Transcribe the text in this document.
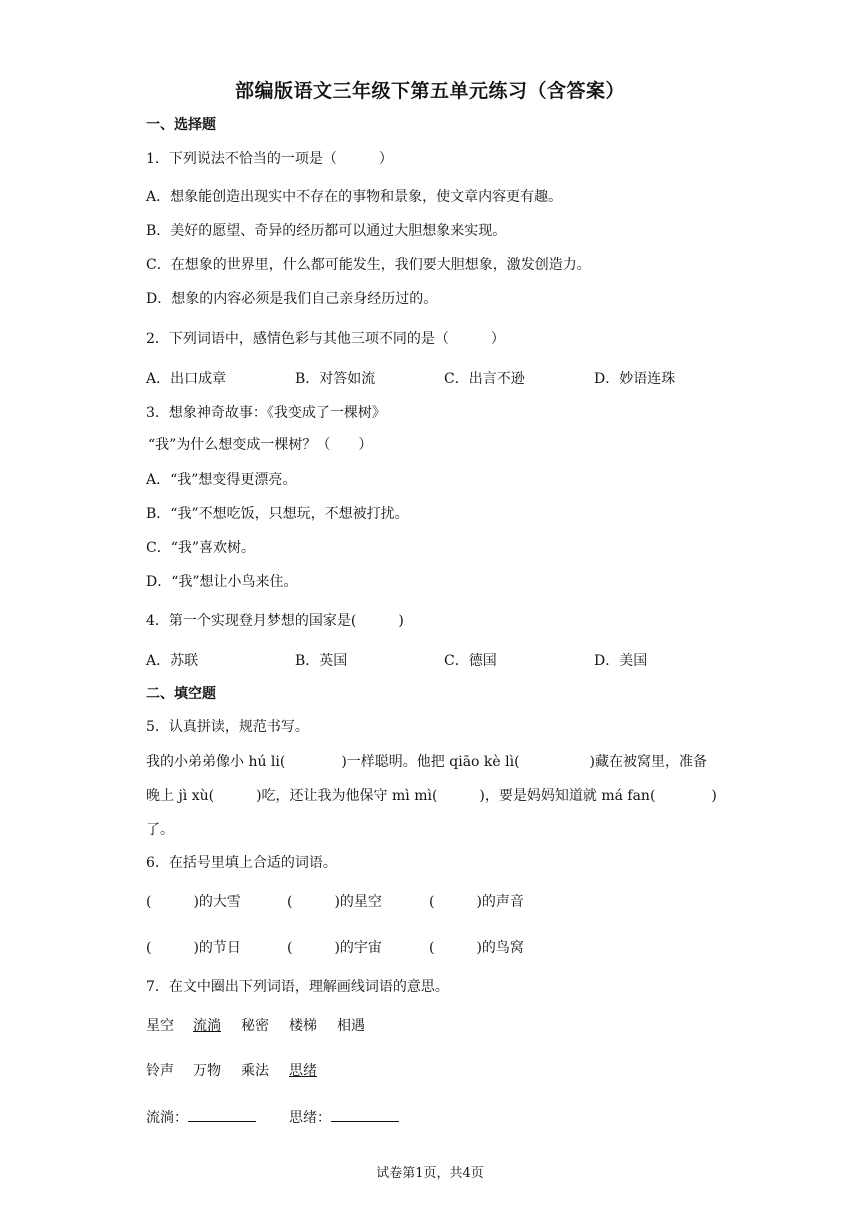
部编版语文三年级下第五单元练习（含答案）
一、选择题
1．下列说法不恰当的一项是（　　　）
A．想象能创造出现实中不存在的事物和景象，使文章内容更有趣。
B．美好的愿望、奇异的经历都可以通过大胆想象来实现。
C．在想象的世界里，什么都可能发生，我们要大胆想象，激发创造力。
D．想象的内容必须是我们自己亲身经历过的。
2．下列词语中，感情色彩与其他三项不同的是（　　　）
A．出口成章	B．对答如流	C．出言不逊	D．妙语连珠
3．想象神奇故事：《我变成了一棵树》
“我”为什么想变成一棵树？（　　）
A．“我”想变得更漂亮。
B．“我”不想吃饭，只想玩，不想被打扰。
C．“我”喜欢树。
D．“我”想让小鸟来住。
4．第一个实现登月梦想的国家是(　　　)
A．苏联	B．英国	C．德国	D．美国
二、填空题
5．认真拼读，规范书写。
我的小弟弟像小 hú li(　　　　)一样聪明。他把 qiāo kè lì(　　　　　)藏在被窝里，准备
晚上 jì xù(　　　)吃，还让我为他保守 mì mì(　　　)，要是妈妈知道就 má fan(　　　　)
了。
6．在括号里填上合适的词语。
(　　　)的大雪	(　　　)的星空	(　　　)的声音
(　　　)的节日	(　　　)的宇宙	(　　　)的鸟窝
7．在文中圈出下列词语，理解画线词语的意思。
星空 流淌 秘密 楼梯 相遇
铃声 万物 乘法 思绪
流淌：	思绪：
试卷第1页，共4页
